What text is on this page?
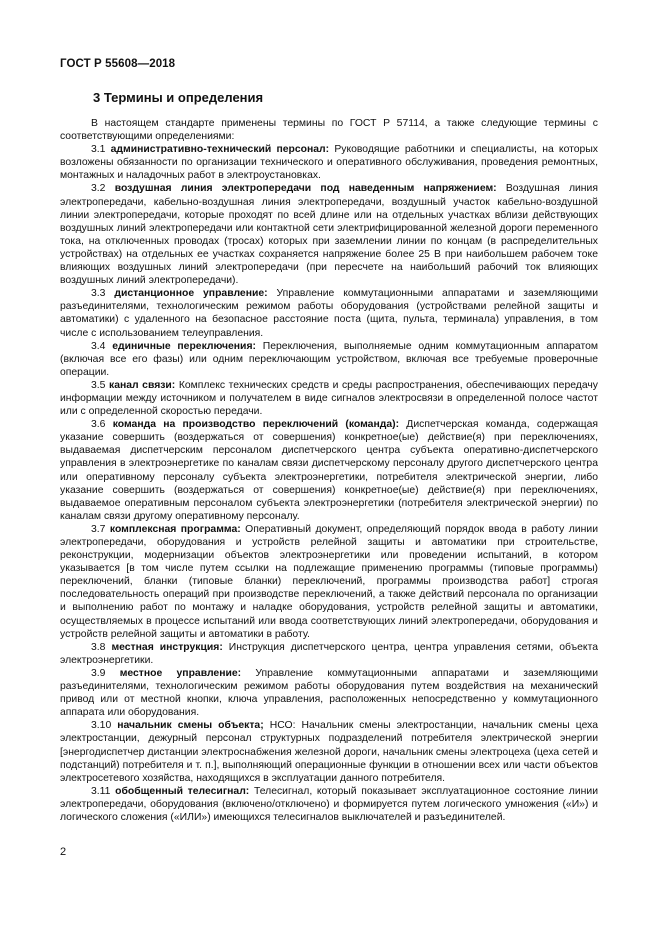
ГОСТ Р 55608—2018
3 Термины и определения

В настоящем стандарте применены термины по ГОСТ Р 57114, а также следующие термины с соответствующими определениями:

3.1 административно-технический персонал: Руководящие работники и специалисты, на которых возложены обязанности по организации технического и оперативного обслуживания, проведения ремонтных, монтажных и наладочных работ в электроустановках.

3.2 воздушная линия электропередачи под наведенным напряжением: Воздушная линия электропередачи, кабельно-воздушная линия электропередачи, воздушный участок кабельно-воздушной линии электропередачи, которые проходят по всей длине или на отдельных участках вблизи действующих воздушных линий электропередачи или контактной сети электрифицированной железной дороги переменного тока, на отключенных проводах (тросах) которых при заземлении линии по концам (в распределительных устройствах) на отдельных ее участках сохраняется напряжение более 25 В при наибольшем рабочем токе влияющих воздушных линий электропередачи (при пересчете на наибольший рабочий ток влияющих воздушных линий электропередачи).

3.3 дистанционное управление: Управление коммутационными аппаратами и заземляющими разъединителями, технологическим режимом работы оборудования (устройствами релейной защиты и автоматики) с удаленного на безопасное расстояние поста (щита, пульта, терминала) управления, в том числе с использованием телеуправления.

3.4 единичные переключения: Переключения, выполняемые одним коммутационным аппаратом (включая все его фазы) или одним переключающим устройством, включая все требуемые проверочные операции.

3.5 канал связи: Комплекс технических средств и среды распространения, обеспечивающих передачу информации между источником и получателем в виде сигналов электросвязи в определенной полосе частот или с определенной скоростью передачи.

3.6 команда на производство переключений (команда): Диспетчерская команда, содержащая указание совершить (воздержаться от совершения) конкретное(ые) действие(я) при переключениях, выдаваемая диспетчерским персоналом диспетчерского центра субъекта оперативно-диспетчерского управления в электроэнергетике по каналам связи диспетчерскому персоналу другого диспетчерского центра или оперативному персоналу субъекта электроэнергетики, потребителя электрической энергии, либо указание совершить (воздержаться от совершения) конкретное(ые) действие(я) при переключениях, выдаваемое оперативным персоналом субъекта электроэнергетики (потребителя электрической энергии) по каналам связи другому оперативному персоналу.

3.7 комплексная программа: Оперативный документ, определяющий порядок ввода в работу линии электропередачи, оборудования и устройств релейной защиты и автоматики при строительстве, реконструкции, модернизации объектов электроэнергетики или проведении испытаний, в котором указывается [в том числе путем ссылки на подлежащие применению программы (типовые программы) переключений, бланки (типовые бланки) переключений, программы производства работ] строгая последовательность операций при производстве переключений, а также действий персонала по организации и выполнению работ по монтажу и наладке оборудования, устройств релейной защиты и автоматики, осуществляемых в процессе испытаний или ввода соответствующих линий электропередачи, оборудования и устройств релейной защиты и автоматики в работу.

3.8 местная инструкция: Инструкция диспетчерского центра, центра управления сетями, объекта электроэнергетики.

3.9 местное управление: Управление коммутационными аппаратами и заземляющими разъединителями, технологическим режимом работы оборудования путем воздействия на механический привод или от местной кнопки, ключа управления, расположенных непосредственно у коммутационного аппарата или оборудования.

3.10 начальник смены объекта; НСО: Начальник смены электростанции, начальник смены цеха электростанции, дежурный персонал структурных подразделений потребителя электрической энергии [энергодиспетчер дистанции электроснабжения железной дороги, начальник смены электроцеха (цеха сетей и подстанций) потребителя и т. п.], выполняющий операционные функции в отношении всех или части объектов электросетевого хозяйства, находящихся в эксплуатации данного потребителя.

3.11 обобщенный телесигнал: Телесигнал, который показывает эксплуатационное состояние линии электропередачи, оборудования (включено/отключено) и формируется путем логического умножения («И») и логического сложения («ИЛИ») имеющихся телесигналов выключателей и разъединителей.

2
